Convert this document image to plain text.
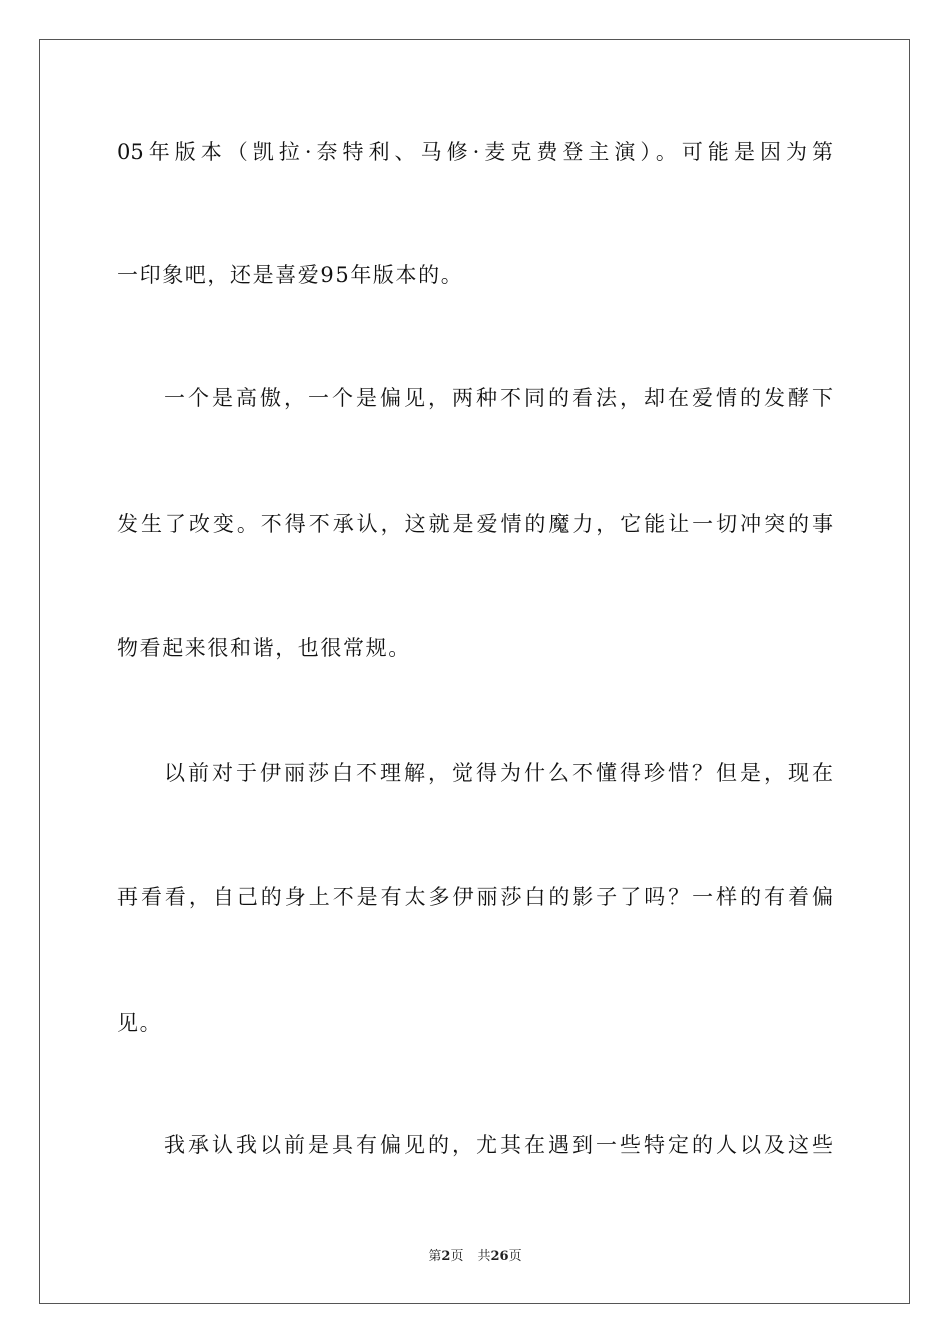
05年版本（凯拉·奈特利、马修·麦克费登主演）。可能是因为第
一印象吧，还是喜爱95年版本的。
一个是高傲，一个是偏见，两种不同的看法，却在爱情的发酵下
发生了改变。不得不承认，这就是爱情的魔力，它能让一切冲突的事
物看起来很和谐，也很常规。
以前对于伊丽莎白不理解，觉得为什么不懂得珍惜？但是，现在
再看看，自己的身上不是有太多伊丽莎白的影子了吗？一样的有着偏
见。
我承认我以前是具有偏见的，尤其在遇到一些特定的人以及这些
第2页 共26页
